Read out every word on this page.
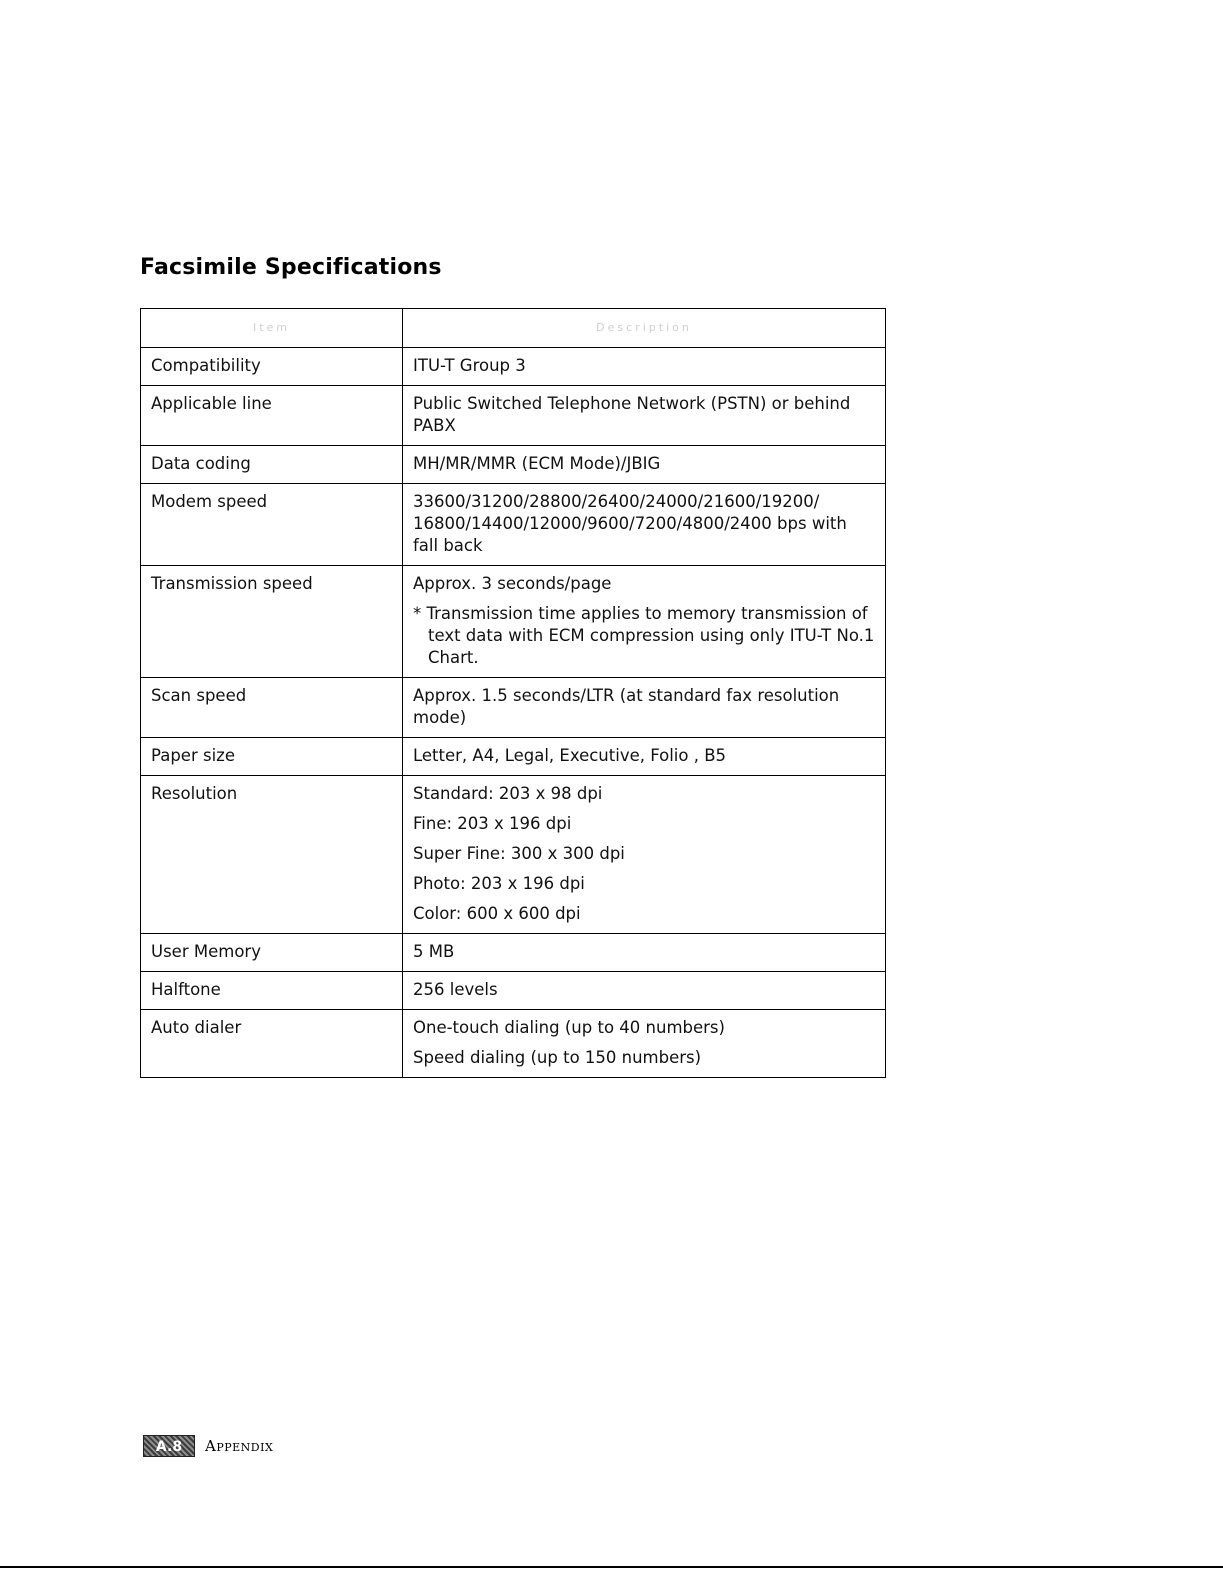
Facsimile Specifications
Item	Description
Compatibility	ITU-T Group 3

Applicable line	Public Switched Telephone Network (PSTN) or behind PABX

Data coding	MH/MR/MMR (ECM Mode)/JBIG

Modem speed	33600/31200/28800/26400/24000/21600/19200/ 16800/14400/12000/9600/7200/4800/2400 bps with fall back

Transmission speed	Approx. 3 seconds/page
* Transmission time applies to memory transmission of text data with ECM compression using only ITU-T No.1 Chart.

Scan speed	Approx. 1.5 seconds/LTR (at standard fax resolution mode)

Paper size	Letter, A4, Legal, Executive, Folio , B5

Resolution	Standard: 203 x 98 dpi
Fine: 203 x 196 dpi
Super Fine: 300 x 300 dpi
Photo: 203 x 196 dpi
Color: 600 x 600 dpi

User Memory	5 MB

Halftone	256 levels

Auto dialer	One-touch dialing (up to 40 numbers)
Speed dialing (up to 150 numbers)
A.8	Appendix
